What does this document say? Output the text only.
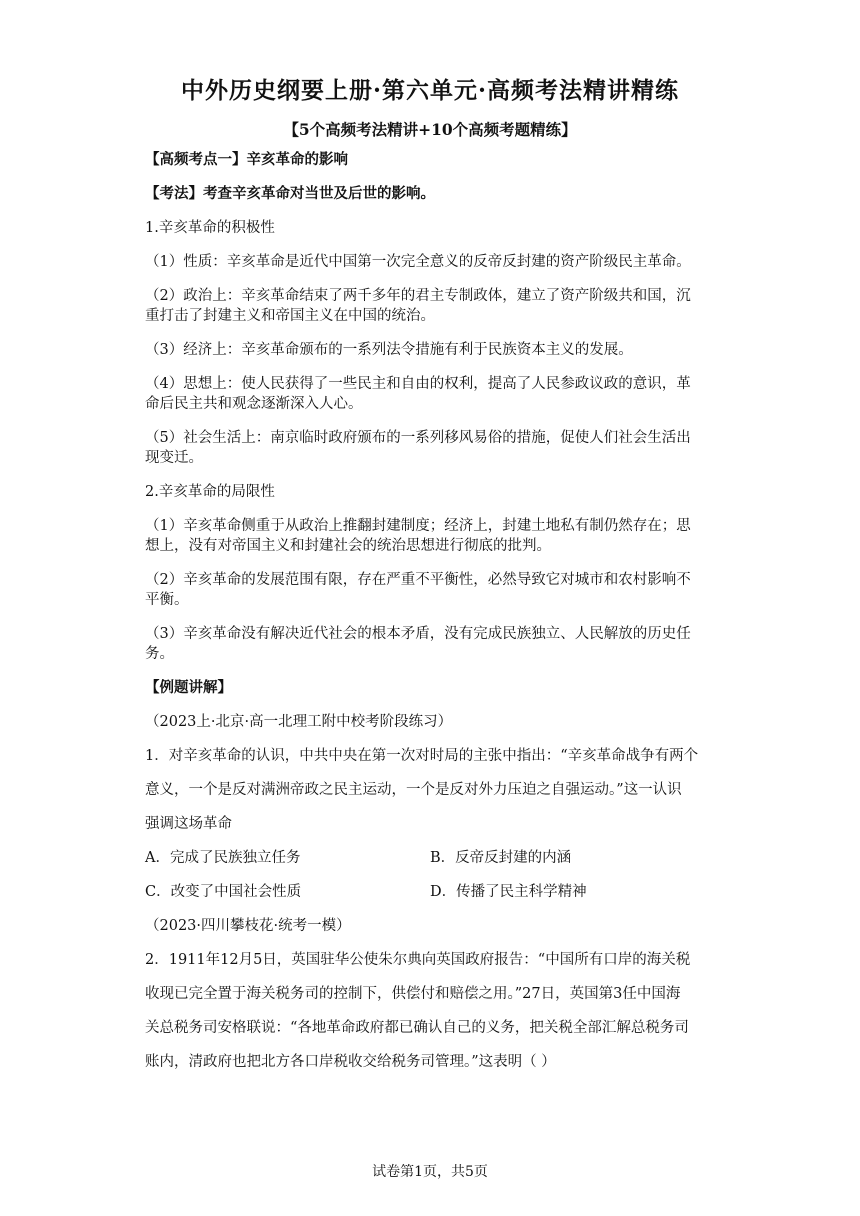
中外历史纲要上册·第六单元·高频考法精讲精练
【5个高频考法精讲+10个高频考题精练】

【高频考点一】辛亥革命的影响

【考法】考查辛亥革命对当世及后世的影响。

1.辛亥革命的积极性

（1）性质：辛亥革命是近代中国第一次完全意义的反帝反封建的资产阶级民主革命。

（2）政治上：辛亥革命结束了两千多年的君主专制政体，建立了资产阶级共和国，沉

重打击了封建主义和帝国主义在中国的统治。

（3）经济上：辛亥革命颁布的一系列法令措施有利于民族资本主义的发展。

（4）思想上：使人民获得了一些民主和自由的权利，提高了人民参政议政的意识，革

命后民主共和观念逐渐深入人心。

（5）社会生活上：南京临时政府颁布的一系列移风易俗的措施，促使人们社会生活出

现变迁。

2.辛亥革命的局限性

（1）辛亥革命侧重于从政治上推翻封建制度；经济上，封建土地私有制仍然存在；思

想上，没有对帝国主义和封建社会的统治思想进行彻底的批判。

（2）辛亥革命的发展范围有限，存在严重不平衡性，必然导致它对城市和农村影响不

平衡。

（3）辛亥革命没有解决近代社会的根本矛盾，没有完成民族独立、人民解放的历史任

务。

【例题讲解】

（2023上·北京·高一北理工附中校考阶段练习）

1．对辛亥革命的认识，中共中央在第一次对时局的主张中指出：“辛亥革命战争有两个

意义，一个是反对满洲帝政之民主运动，一个是反对外力压迫之自强运动。”这一认识

强调这场革命

A．完成了民族独立任务	B．反帝反封建的内涵
C．改变了中国社会性质	D．传播了民主科学精神

（2023·四川攀枝花·统考一模）

2．1911年12月5日，英国驻华公使朱尔典向英国政府报告：“中国所有口岸的海关税

收现已完全置于海关税务司的控制下，供偿付和赔偿之用。”27日，英国第3任中国海

关总税务司安格联说：“各地革命政府都已确认自己的义务，把关税全部汇解总税务司

账内，清政府也把北方各口岸税收交给税务司管理。”这表明（ ）

试卷第1页，共5页
